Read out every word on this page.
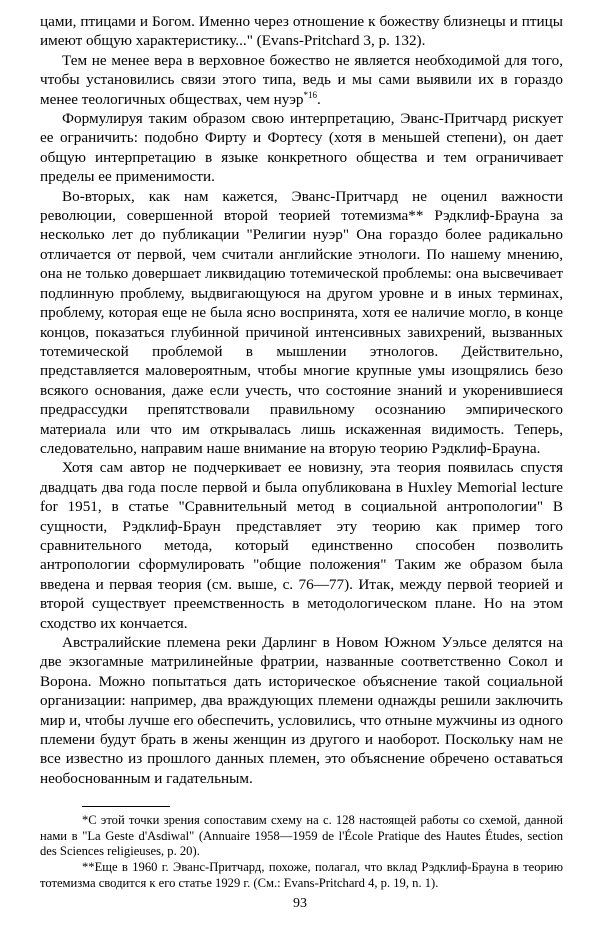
цами, птицами и Богом. Именно через отношение к божеству близнецы и птицы имеют общую характеристику..." (Evans-Pritchard 3, p. 132).

Тем не менее вера в верховное божество не является необходимой для того, чтобы установились связи этого типа, ведь и мы сами выявили их в гораздо менее теологичных обществах, чем нуэр$^{*16}$.

Формулируя таким образом свою интерпретацию, Эванс-Притчард рискует ее ограничить: подобно Фирту и Фортесу (хотя в меньшей степени), он дает общую интерпретацию в языке конкретного общества и тем ограничивает пределы ее применимости.

Во-вторых, как нам кажется, Эванс-Притчард не оценил важности революции, совершенной второй теорией тотемизма** Рэдклиф-Брауна за несколько лет до публикации "Религии нуэр" Она гораздо более радикально отличается от первой, чем считали английские этнологи. По нашему мнению, она не только довершает ликвидацию тотемической проблемы: она высвечивает подлинную проблему, выдвигающуюся на другом уровне и в иных терминах, проблему, которая еще не была ясно воспринята, хотя ее наличие могло, в конце концов, показаться глубинной причиной интенсивных завихрений, вызванных тотемической проблемой в мышлении этнологов. Действительно, представляется маловероятным, чтобы многие крупные умы изощрялись безо всякого основания, даже если учесть, что состояние знаний и укоренившиеся предрассудки препятствовали правильному осознанию эмпирического материала или что им открывалась лишь искаженная видимость. Теперь, следовательно, направим наше внимание на вторую теорию Рэдклиф-Брауна.

Хотя сам автор не подчеркивает ее новизну, эта теория появилась спустя двадцать два года после первой и была опубликована в Huxley Memorial lecture for 1951, в статье "Сравнительный метод в социальной антропологии" В сущности, Рэдклиф-Браун представляет эту теорию как пример того сравнительного метода, который единственно способен позволить антропологии сформулировать "общие положения" Таким же образом была введена и первая теория (см. выше, с. 76—77). Итак, между первой теорией и второй существует преемственность в методологическом плане. Но на этом сходство их кончается.

Австралийские племена реки Дарлинг в Новом Южном Уэльсе делятся на две экзогамные матрилинейные фратрии, названные соответственно Сокол и Ворона. Можно попытаться дать историческое объяснение такой социальной организации: например, два враждующих племени однажды решили заключить мир и, чтобы лучше его обеспечить, условились, что отныне мужчины из одного племени будут брать в жены женщин из другого и наоборот. Поскольку нам не все известно из прошлого данных племен, это объяснение обречено оставаться необоснованным и гадательным.

*С этой точки зрения сопоставим схему на с. 128 настоящей работы со схемой, данной нами в "La Geste d'Asdiwal" (Annuaire 1958—1959 de l'École Pratique des Hautes Études, section des Sciences religieuses, p. 20).

**Еще в 1960 г. Эванс-Притчард, похоже, полагал, что вклад Рэдклиф-Брауна в теорию тотемизма сводится к его статье 1929 г. (См.: Evans-Pritchard 4, p. 19, n. 1).

93
